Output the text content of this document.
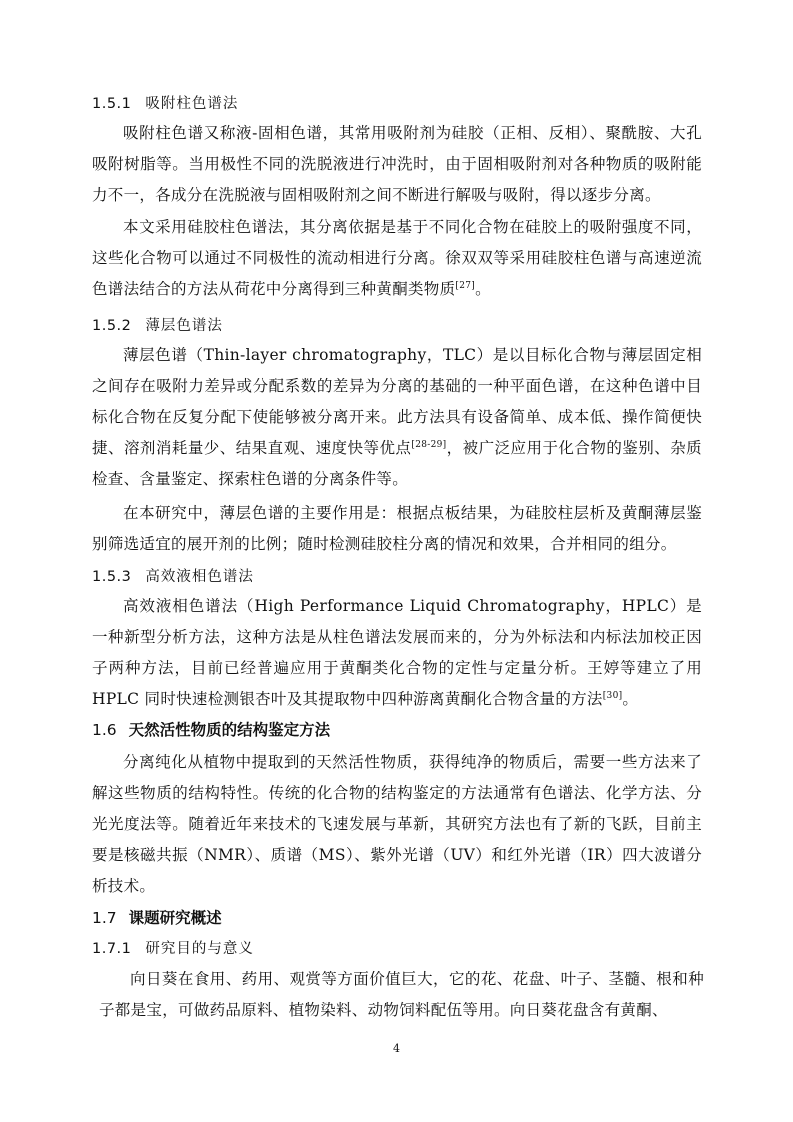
1.5.1 吸附柱色谱法
吸附柱色谱又称液-固相色谱，其常用吸附剂为硅胶（正相、反相）、聚酰胺、大孔吸附树脂等。当用极性不同的洗脱液进行冲洗时，由于固相吸附剂对各种物质的吸附能力不一，各成分在洗脱液与固相吸附剂之间不断进行解吸与吸附，得以逐步分离。
本文采用硅胶柱色谱法，其分离依据是基于不同化合物在硅胶上的吸附强度不同，这些化合物可以通过不同极性的流动相进行分离。徐双双等采用硅胶柱色谱与高速逆流色谱法结合的方法从荷花中分离得到三种黄酮类物质[27]。
1.5.2 薄层色谱法
薄层色谱（Thin-layer chromatography，TLC）是以目标化合物与薄层固定相之间存在吸附力差异或分配系数的差异为分离的基础的一种平面色谱，在这种色谱中目标化合物在反复分配下使能够被分离开来。此方法具有设备简单、成本低、操作简便快捷、溶剂消耗量少、结果直观、速度快等优点[28-29]，被广泛应用于化合物的鉴别、杂质检查、含量鉴定、探索柱色谱的分离条件等。
在本研究中，薄层色谱的主要作用是：根据点板结果，为硅胶柱层析及黄酮薄层鉴别筛选适宜的展开剂的比例；随时检测硅胶柱分离的情况和效果，合并相同的组分。
1.5.3 高效液相色谱法
高效液相色谱法（High Performance Liquid Chromatography，HPLC）是一种新型分析方法，这种方法是从柱色谱法发展而来的，分为外标法和内标法加校正因子两种方法，目前已经普遍应用于黄酮类化合物的定性与定量分析。王婷等建立了用 HPLC 同时快速检测银杏叶及其提取物中四种游离黄酮化合物含量的方法[30]。
1.6 天然活性物质的结构鉴定方法
分离纯化从植物中提取到的天然活性物质，获得纯净的物质后，需要一些方法来了解这些物质的结构特性。传统的化合物的结构鉴定的方法通常有色谱法、化学方法、分光光度法等。随着近年来技术的飞速发展与革新，其研究方法也有了新的飞跃，目前主要是核磁共振（NMR）、质谱（MS）、紫外光谱（UV）和红外光谱（IR）四大波谱分析技术。
1.7 课题研究概述
1.7.1 研究目的与意义
向日葵在食用、药用、观赏等方面价值巨大，它的花、花盘、叶子、茎髓、根和种子都是宝，可做药品原料、植物染料、动物饲料配伍等用。向日葵花盘含有黄酮、
4
